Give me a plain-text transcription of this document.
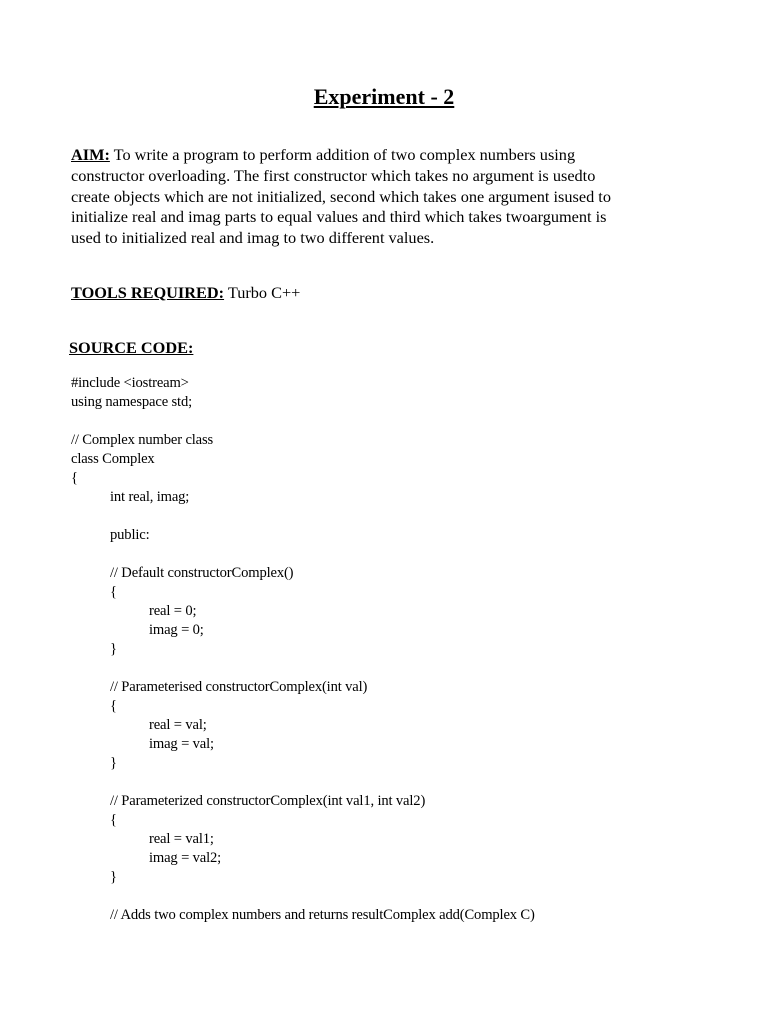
Experiment - 2
AIM: To write a program to perform addition of two complex numbers using
constructor overloading. The first constructor which takes no argument is usedto
create objects which are not initialized, second which takes one argument isused to
initialize real and imag parts to equal values and third which takes twoargument is
used to initialized real and imag to two different values.
TOOLS REQUIRED: Turbo C++
SOURCE CODE:
#include <iostream>
using namespace std;
// Complex number class
class Complex
{
int real, imag;
public:
// Default constructorComplex()
{
real = 0;
imag = 0;
}
// Parameterised constructorComplex(int val)
{
real = val;
imag = val;
}
// Parameterized constructorComplex(int val1, int val2)
{
real = val1;
imag = val2;
}
// Adds two complex numbers and returns resultComplex add(Complex C)
